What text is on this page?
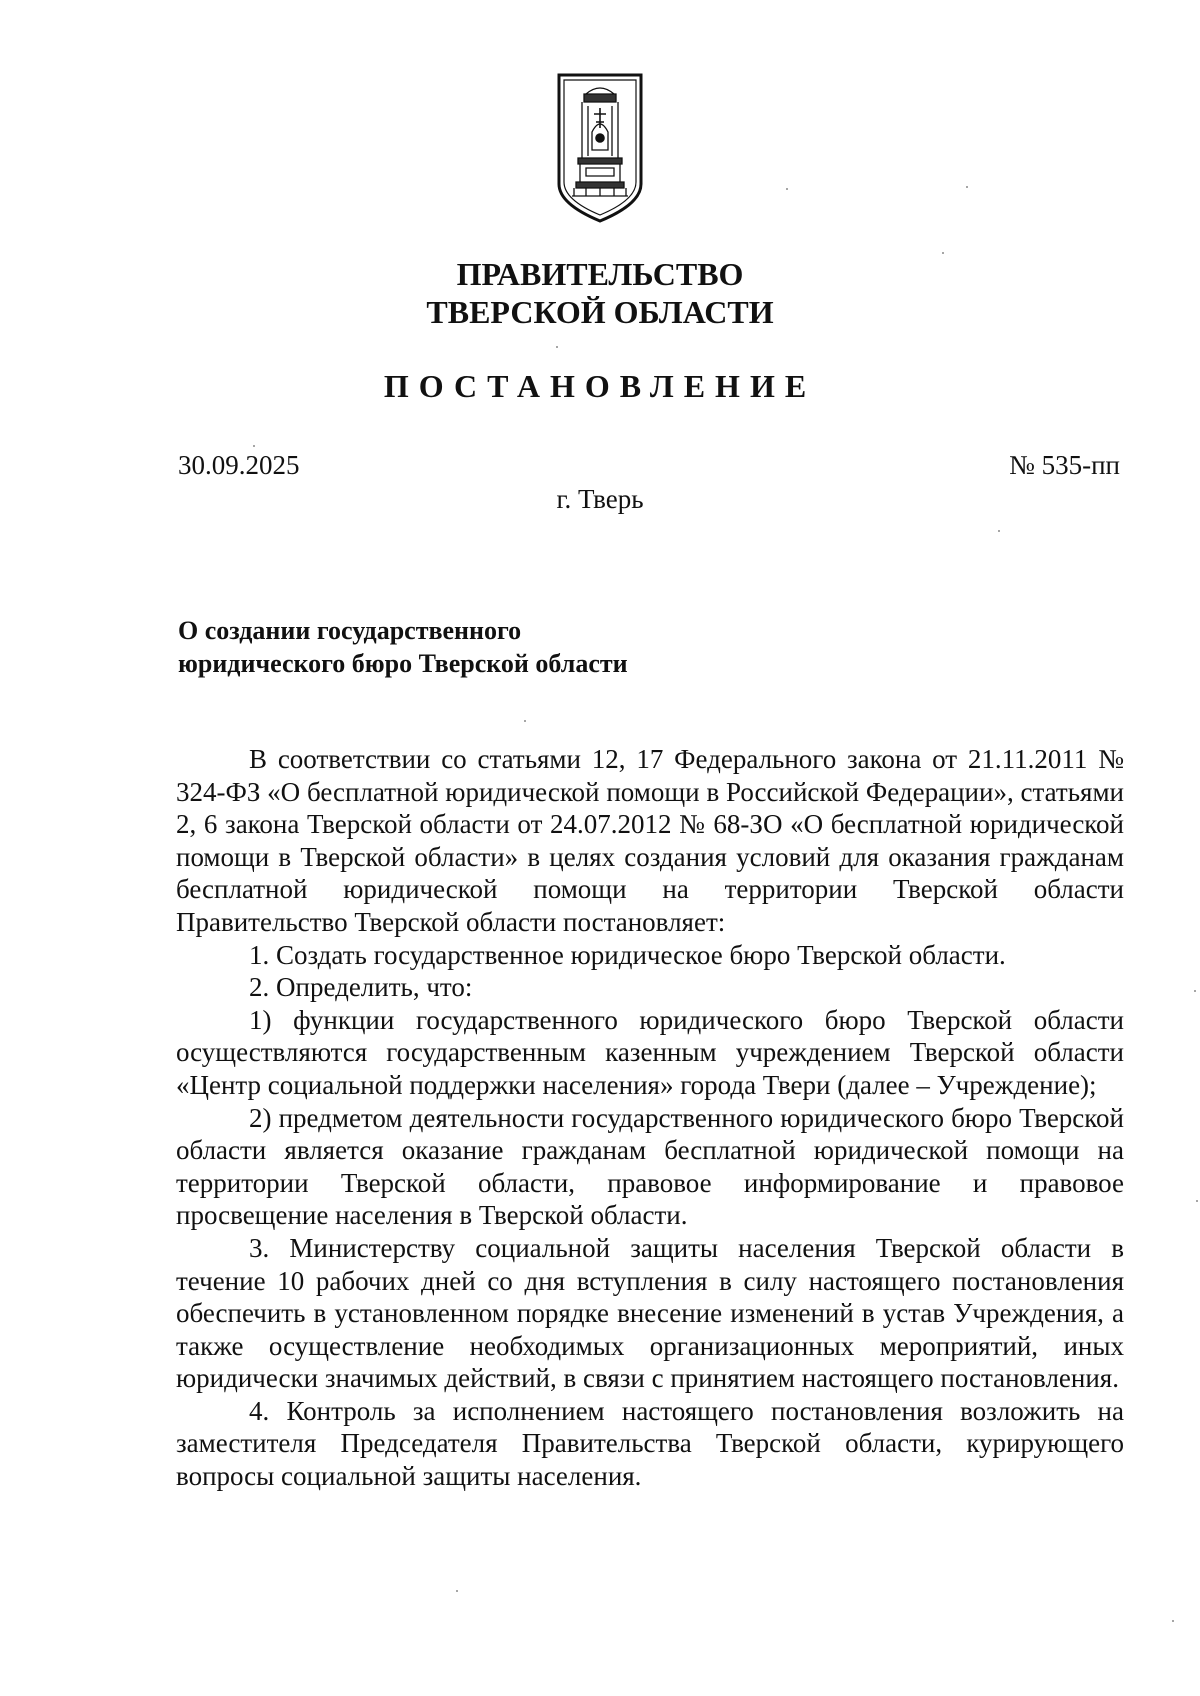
ПРАВИТЕЛЬСТВО
ТВЕРСКОЙ ОБЛАСТИ
ПОСТАНОВЛЕНИЕ
30.09.2025	№ 535-пп
г. Тверь
О создании государственного
юридического бюро Тверской области

В соответствии со статьями 12, 17 Федерального закона от 21.11.2011 № 324-ФЗ «О бесплатной юридической помощи в Российской Федерации», статьями 2, 6 закона Тверской области от 24.07.2012 № 68-ЗО «О бесплатной юридической помощи в Тверской области» в целях создания условий для оказания гражданам бесплатной юридической помощи на территории Тверской области Правительство Тверской области постановляет:

1. Создать государственное юридическое бюро Тверской области.

2. Определить, что:

1) функции государственного юридического бюро Тверской области осуществляются государственным казенным учреждением Тверской области «Центр социальной поддержки населения» города Твери (далее – Учреждение);

2) предметом деятельности государственного юридического бюро Тверской области является оказание гражданам бесплатной юридической помощи на территории Тверской области, правовое информирование и правовое просвещение населения в Тверской области.

3. Министерству социальной защиты населения Тверской области в течение 10 рабочих дней со дня вступления в силу настоящего постановления обеспечить в установленном порядке внесение изменений в устав Учреждения, а также осуществление необходимых организационных мероприятий, иных юридически значимых действий, в связи с принятием настоящего постановления.

4. Контроль за исполнением настоящего постановления возложить на заместителя Председателя Правительства Тверской области, курирующего вопросы социальной защиты населения.
